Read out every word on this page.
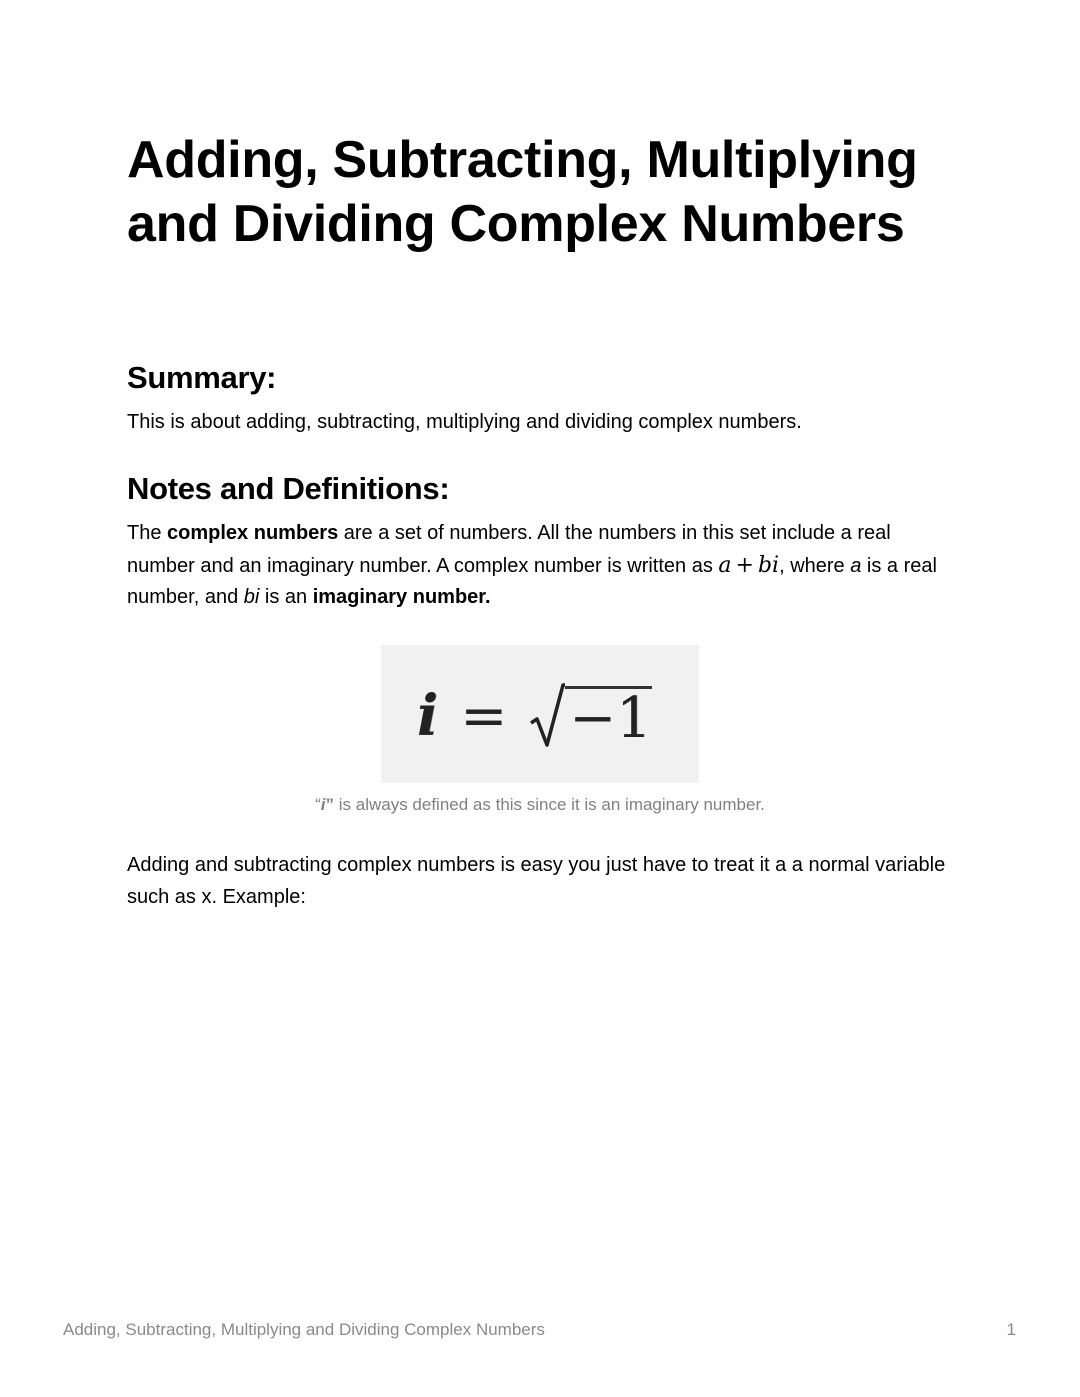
Adding, Subtracting, Multiplying and Dividing Complex Numbers
Summary:

This is about adding, subtracting, multiplying and dividing complex numbers.

Notes and Definitions:

The complex numbers are a set of numbers. All the numbers in this set include a real number and an imaginary number. A complex number is written as a + bi, where a is a real number, and bi is an imaginary number.

Adding and subtracting complex numbers is easy you just have to treat it a a normal variable such as x. Example:

i = −1
“i” is always defined as this since it is an imaginary number.
Adding, Subtracting, Multiplying and Dividing Complex Numbers	1
